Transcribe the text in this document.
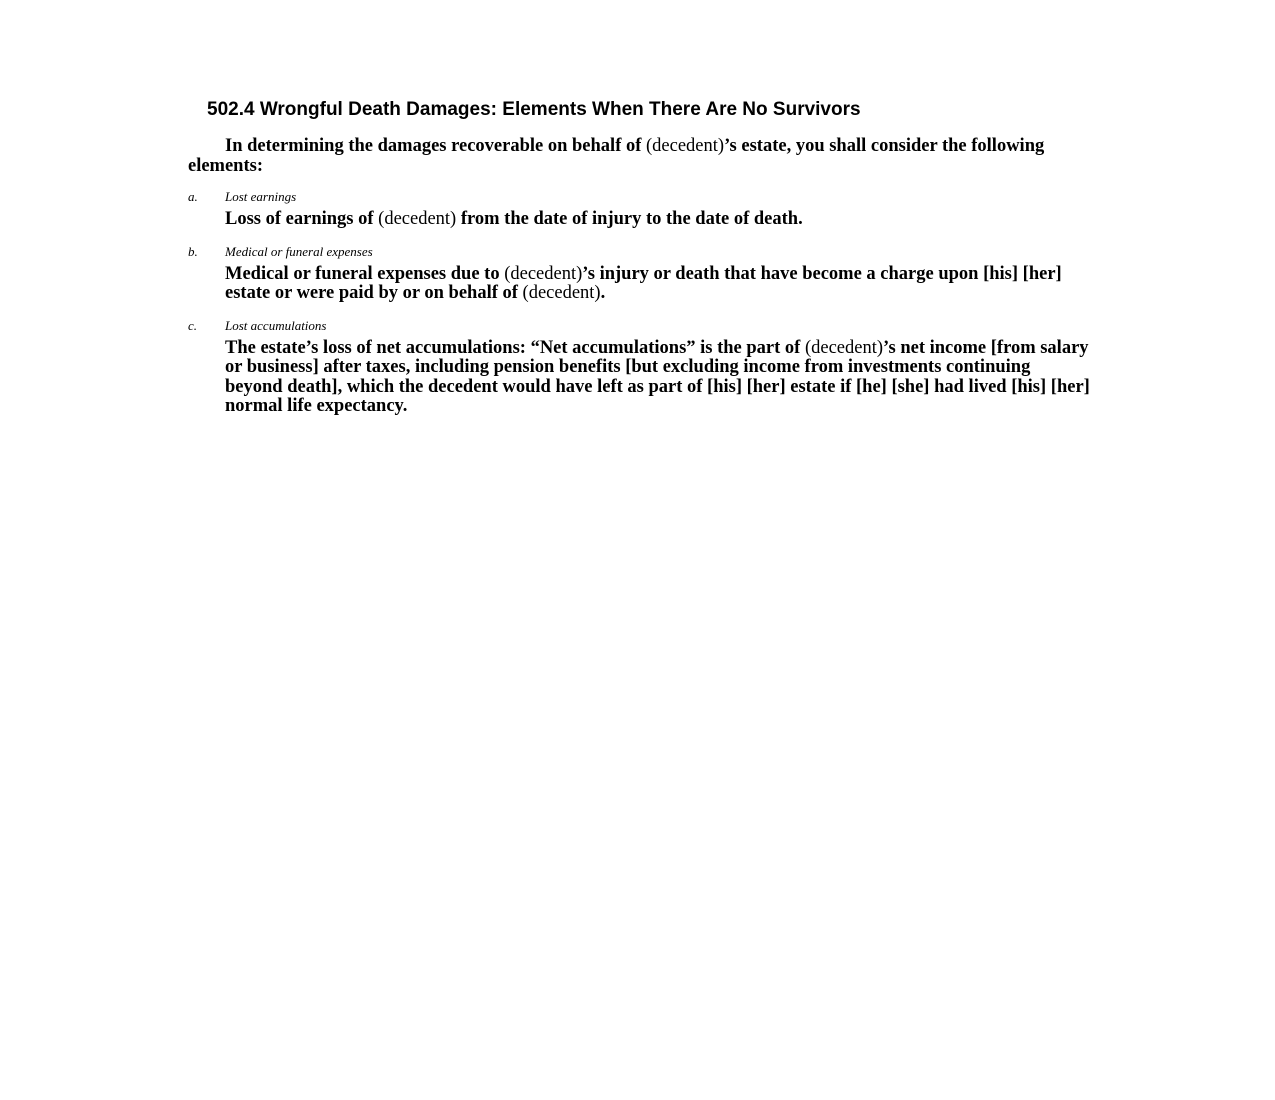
502.4 Wrongful Death Damages: Elements When There Are No Survivors

In determining the damages recoverable on behalf of (decedent)’s estate, you shall consider the following elements:

a.	Lost earnings

Loss of earnings of (decedent) from the date of injury to the date of death.

b.	Medical or funeral expenses

Medical or funeral expenses due to (decedent)’s injury or death that have become a charge upon [his] [her] estate or were paid by or on behalf of (decedent).

c.	Lost accumulations

The estate’s loss of net accumulations: “Net accumulations” is the part of (decedent)’s net income [from salary or business] after taxes, including pension benefits [but excluding income from investments continuing beyond death], which the decedent would have left as part of [his] [her] estate if [he] [she] had lived [his] [her] normal life expectancy.
